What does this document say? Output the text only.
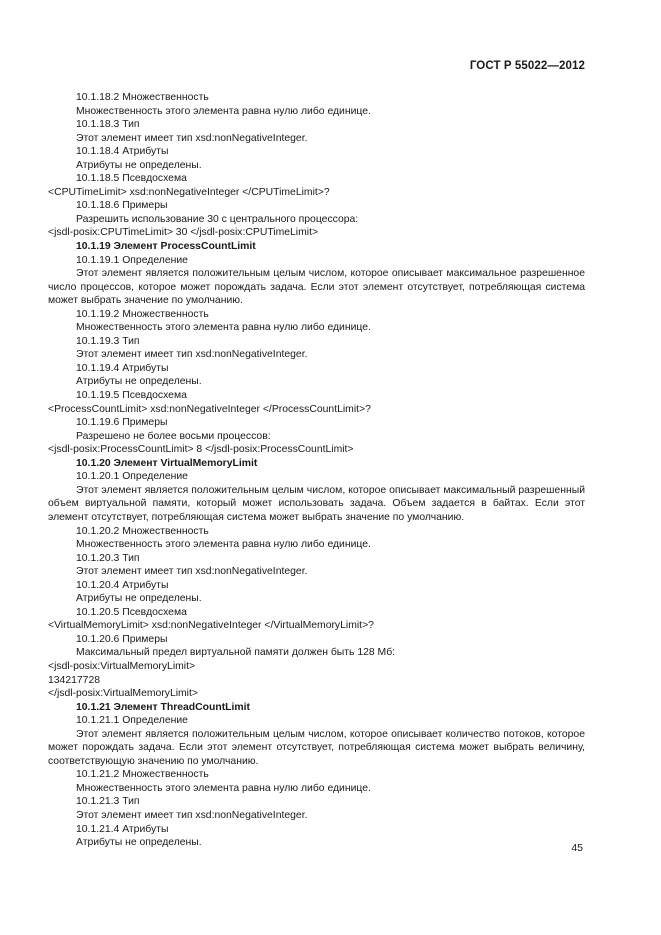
ГОСТ Р 55022—2012

10.1.18.2 Множественность

Множественность этого элемента равна нулю либо единице.

10.1.18.3 Тип

Этот элемент имеет тип xsd:nonNegativeInteger.

10.1.18.4 Атрибуты

Атрибуты не определены.

10.1.18.5 Псевдосхема

<CPUTimeLimit> xsd:nonNegativeInteger </CPUTimeLimit>?

10.1.18.6 Примеры

Разрешить использование 30 с центрального процессора:

<jsdl-posix:CPUTimeLimit> 30 </jsdl-posix:CPUTimeLimit>

10.1.19 Элемент ProcessCountLimit

10.1.19.1 Определение

Этот элемент является положительным целым числом, которое описывает максимальное разрешенное число процессов, которое может порождать задача. Если этот элемент отсутствует, потребляющая система может выбрать значение по умолчанию.

10.1.19.2 Множественность

Множественность этого элемента равна нулю либо единице.

10.1.19.3 Тип

Этот элемент имеет тип xsd:nonNegativeInteger.

10.1.19.4 Атрибуты

Атрибуты не определены.

10.1.19.5 Псевдосхема

<ProcessCountLimit> xsd:nonNegativeInteger </ProcessCountLimit>?

10.1.19.6 Примеры

Разрешено не более восьми процессов:

<jsdl-posix:ProcessCountLimit> 8 </jsdl-posix:ProcessCountLimit>

10.1.20 Элемент VirtualMemoryLimit

10.1.20.1 Определение

Этот элемент является положительным целым числом, которое описывает максимальный разрешенный объем виртуальной памяти, который может использовать задача. Объем задается в байтах. Если этот элемент отсутствует, потребляющая система может выбрать значение по умолчанию.

10.1.20.2 Множественность

Множественность этого элемента равна нулю либо единице.

10.1.20.3 Тип

Этот элемент имеет тип xsd:nonNegativeInteger.

10.1.20.4 Атрибуты

Атрибуты не определены.

10.1.20.5 Псевдосхема

<VirtualMemoryLimit> xsd:nonNegativeInteger </VirtualMemoryLimit>?

10.1.20.6 Примеры

Максимальный предел виртуальной памяти должен быть 128 Мб:

<jsdl-posix:VirtualMemoryLimit>

134217728

</jsdl-posix:VirtualMemoryLimit>

10.1.21 Элемент ThreadCountLimit

10.1.21.1 Определение

Этот элемент является положительным целым числом, которое описывает количество потоков, которое может порождать задача. Если этот элемент отсутствует, потребляющая система может выбрать величину, соответствующую значению по умолчанию.

10.1.21.2 Множественность

Множественность этого элемента равна нулю либо единице.

10.1.21.3 Тип

Этот элемент имеет тип xsd:nonNegativeInteger.

10.1.21.4 Атрибуты

Атрибуты не определены.	45
